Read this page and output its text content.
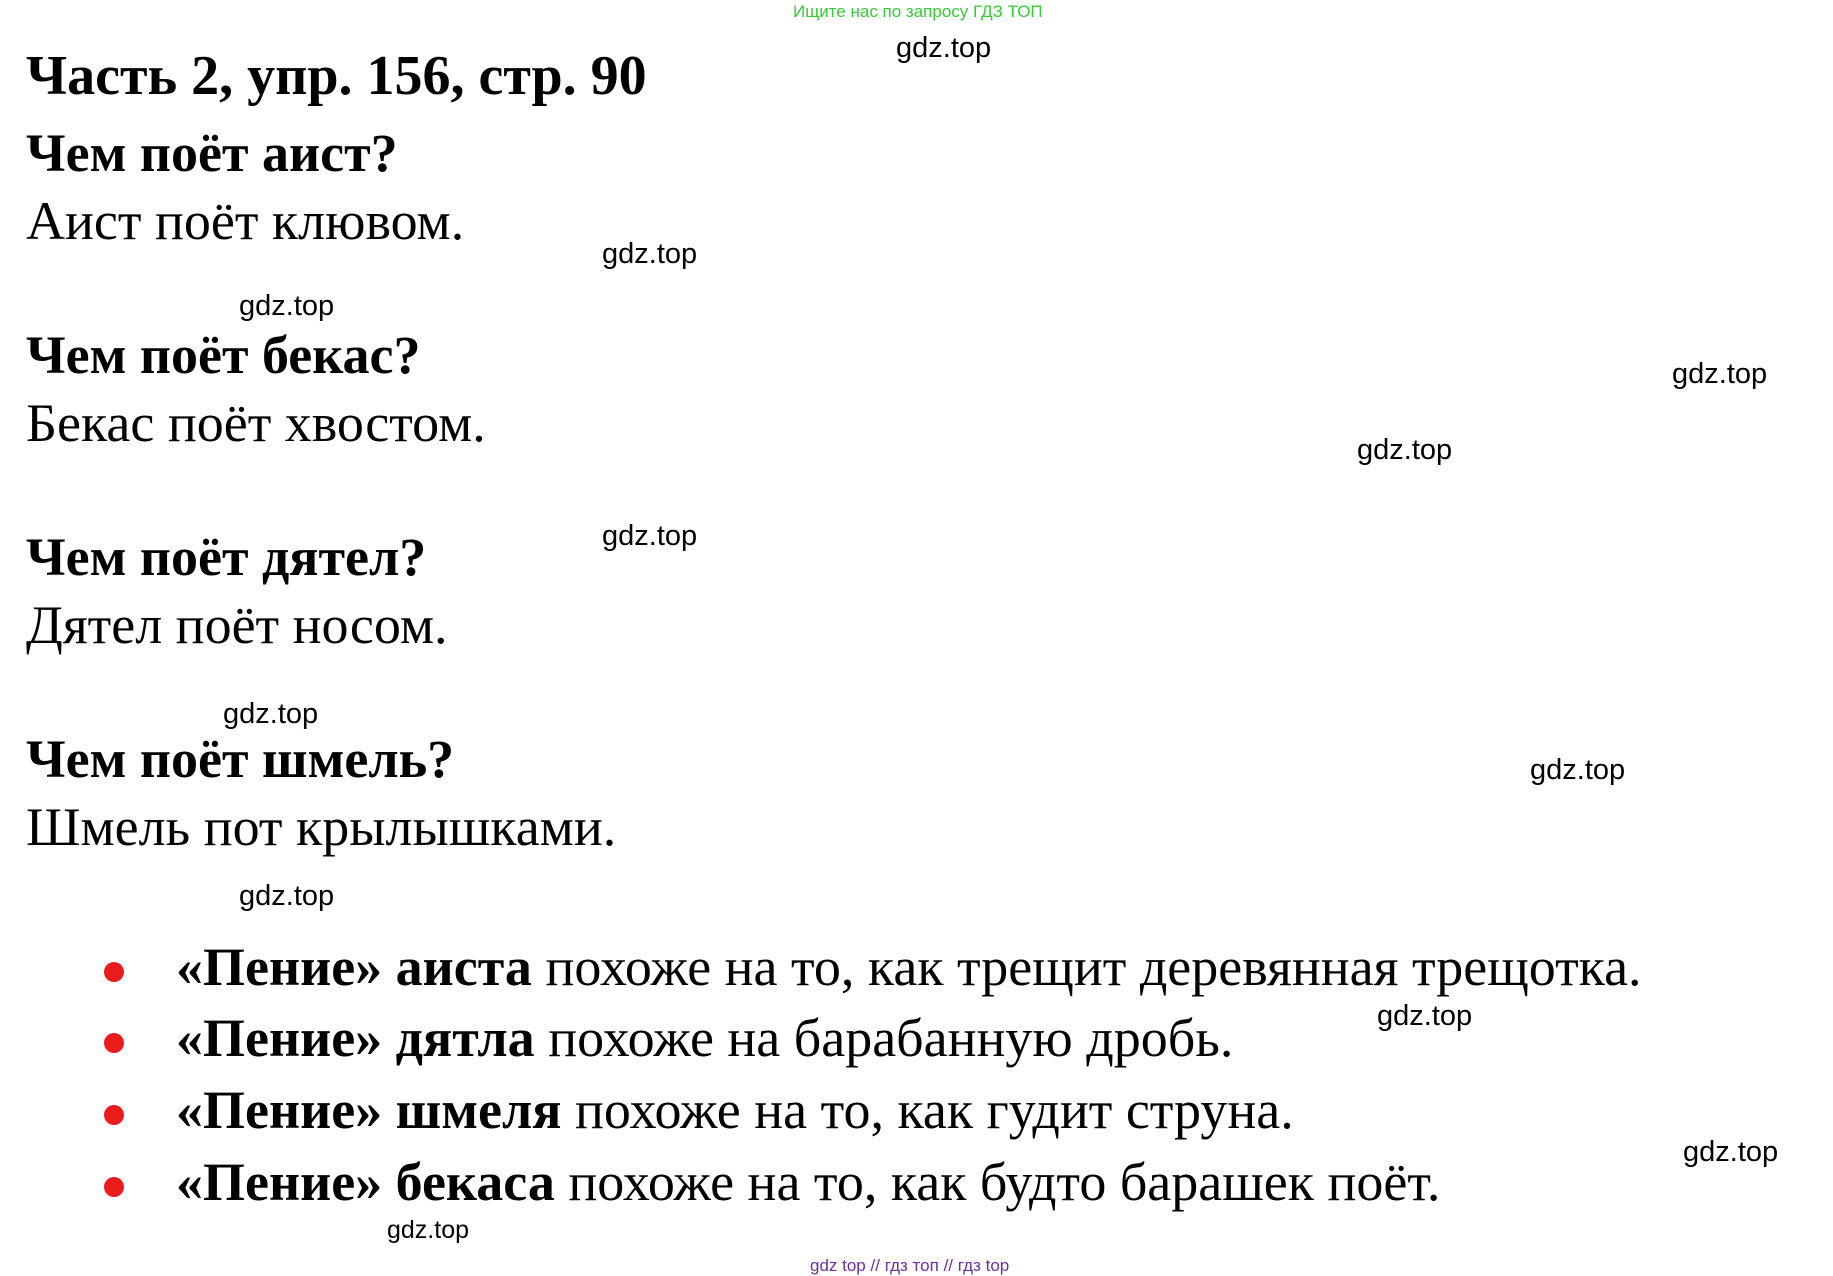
Ищите нас по запросу ГДЗ ТОП
gdz.top
gdz.top
gdz.top
gdz.top
gdz.top
gdz.top
gdz.top
gdz.top
gdz.top
gdz.top
gdz.top
gdz.top
Часть 2, упр. 156, стр. 90
Чем поёт аист?
Аист поёт клювом.
Чем поёт бекас?
Бекас поёт хвостом.
Чем поёт дятел?
Дятел поёт носом.
Чем поёт шмель?
Шмель пот крылышками.
«Пение» аиста похоже на то, как трещит деревянная трещотка.
«Пение» дятла похоже на барабанную дробь.
«Пение» шмеля похоже на то, как гудит струна.
«Пение» бекаса похоже на то, как будто барашек поёт.
gdz top // гдз топ // гдз top
